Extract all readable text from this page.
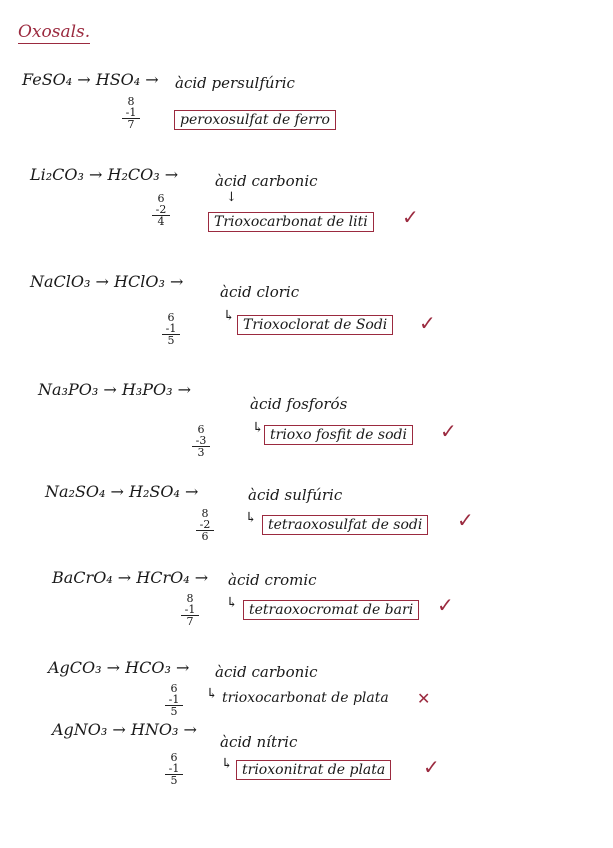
Oxosals.
FeSO₄ → HSO₄ → àcid persulfúric
8
-1
7	peroxosulfat de ferro
Li₂CO₃ → H₂CO₃ → àcid carbonic
↓
6
-2
4	Trioxocarbonat de liti	✓
NaClO₃ → HClO₃ →
àcid cloric
↳
6
-1
5
Trioxoclorat de Sodi	✓
Na₃PO₃ → H₃PO₃ →
àcid fosforós
↳
6
-3
3
trioxo fosfit de sodi	✓
Na₂SO₄ → H₂SO₄ →	àcid sulfúric
↳
8
-2
6
tetraoxosulfat de sodi	✓
BaCrO₄ → HCrO₄ → àcid cromic
↳
8
-1
7
tetraoxocromat de bari	✓
AgCO₃ → HCO₃ → àcid carbonic
↳
6
-1
5
trioxocarbonat de plata ✕
AgNO₃ → HNO₃ →
àcid nítric
↳
6
-1
5
trioxonitrat de plata	✓
